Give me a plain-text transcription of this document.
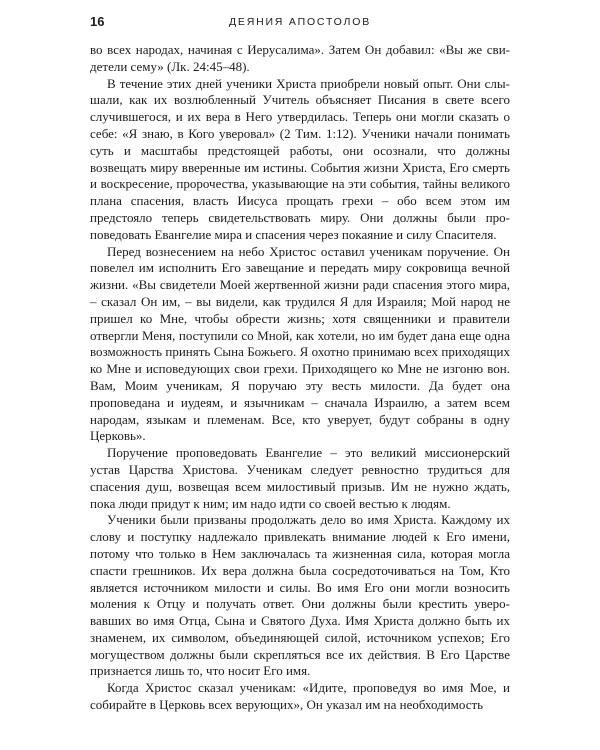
16	ДЕЯНИЯ АПОСТОЛОВ

во всех народах, начиная с Иерусалима». Затем Он добавил: «Вы же свидетели сему» (Лк. 24:45–48).

В течение этих дней ученики Христа приобрели новый опыт. Они слышали, как их возлюбленный Учитель объясняет Писания в свете всего случившегося, и их вера в Него утвердилась. Теперь они могли сказать о себе: «Я знаю, в Кого уверовал» (2 Тим. 1:12). Ученики начали понимать суть и масштабы предстоящей работы, они осознали, что должны возвещать миру вверенные им истины. События жизни Христа, Его смерть и воскресение, пророчества, указывающие на эти события, тайны великого плана спасения, власть Иисуса прощать грехи – обо всем этом им предстояло теперь свидетельствовать миру. Они должны были проповедовать Евангелие мира и спасения через покаяние и силу Спасителя.

Перед вознесением на небо Христос оставил ученикам поручение. Он повелел им исполнить Его завещание и передать миру сокровища вечной жизни. «Вы свидетели Моей жертвенной жизни ради спасения этого мира, – сказал Он им, – вы видели, как трудился Я для Израиля; Мой народ не пришел ко Мне, чтобы обрести жизнь; хотя священники и правители отвергли Меня, поступили со Мной, как хотели, но им будет дана еще одна возможность принять Сына Божьего. Я охотно принимаю всех приходящих ко Мне и исповедующих свои грехи. Приходящего ко Мне не изгоню вон. Вам, Моим ученикам, Я поручаю эту весть милости. Да будет она проповедана и иудеям, и язычникам – сначала Израилю, а затем всем народам, языкам и племенам. Все, кто уверует, будут собраны в одну Церковь».

Поручение проповедовать Евангелие – это великий миссионерский устав Царства Христова. Ученикам следует ревностно трудиться для спасения душ, возвещая всем милостивый призыв. Им не нужно ждать, пока люди придут к ним; им надо идти со своей вестью к людям.

Ученики были призваны продолжать дело во имя Христа. Каждому их слову и поступку надлежало привлекать внимание людей к Его имени, потому что только в Нем заключалась та жизненная сила, которая могла спасти грешников. Их вера должна была сосредоточиваться на Том, Кто является источником милости и силы. Во имя Его они могли возносить моления к Отцу и получать ответ. Они должны были крестить уверовавших во имя Отца, Сына и Святого Духа. Имя Христа должно быть их знаменем, их символом, объединяющей силой, источником успехов; Его могуществом должны были скрепляться все их действия. В Его Царстве признается лишь то, что носит Его имя.

Когда Христос сказал ученикам: «Идите, проповедуя во имя Мое, и собирайте в Церковь всех верующих», Он указал им на необходимость
